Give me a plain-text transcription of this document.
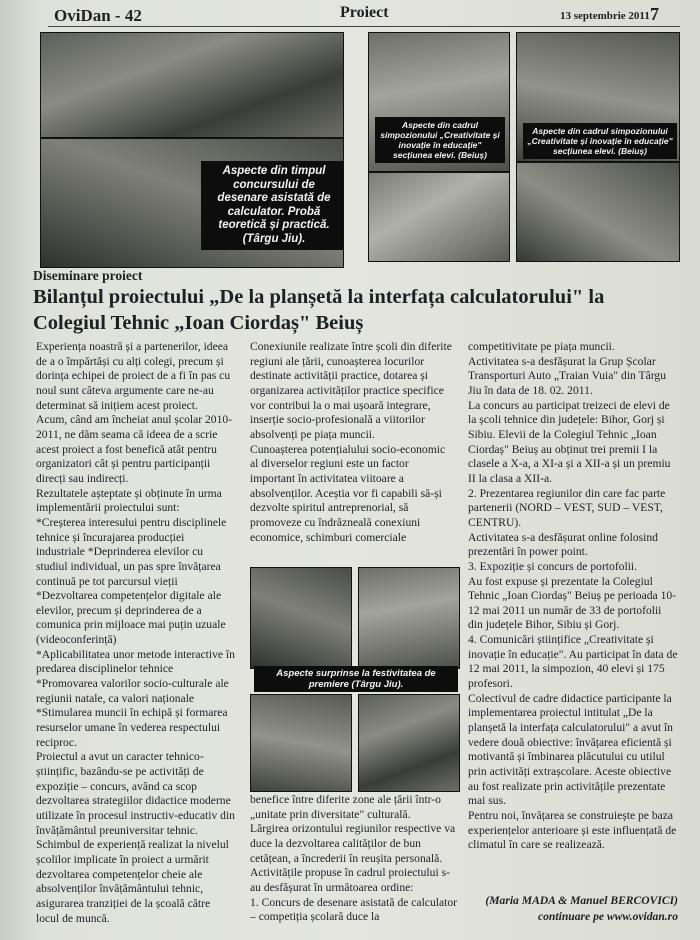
OviDan - 42	Proiect	13 septembrie 2011 7
Aspecte din timpul concursului de desenare asistată de calculator. Probă teoretică și practică. (Târgu Jiu).
Aspecte din cadrul simpozionului „Creativitate și inovație în educație" secțiunea elevi. (Beiuș)
Aspecte din cadrul simpozionului „Creativitate și inovație în educație" secțiunea elevi. (Beiuș)
Diseminare proiect
Bilanțul proiectului „De la planșetă la interfața calculatorului" la Colegiul Tehnic „Ioan Ciordaș" Beiuș

Experiența noastră și a partenerilor, ideea de a o împărtăși cu alți colegi, precum și dorința echipei de proiect de a fi în pas cu noul sunt câteva argumente care ne-au determinat să inițiem acest proiect.

Acum, când am încheiat anul școlar 2010-2011, ne dăm seama că ideea de a scrie acest proiect a fost benefică atât pentru organizatori cât și pentru participanții direcți sau indirecți.

Rezultatele așteptate și obținute în urma implementării proiectului sunt:

*Creșterea interesului pentru disciplinele tehnice și încurajarea producției industriale *Deprinderea elevilor cu studiul individual, un pas spre învățarea continuă pe tot parcursul vieții *Dezvoltarea competențelor digitale ale elevilor, precum și deprinderea de a comunica prin mijloace mai puțin uzuale (videoconferință)

*Aplicabilitatea unor metode interactive în predarea disciplinelor tehnice

*Promovarea valorilor socio-culturale ale regiunii natale, ca valori naționale

*Stimularea muncii în echipă și formarea resurselor umane în vederea respectului reciproc.

Proiectul a avut un caracter tehnico-științific, bazându-se pe activități de expoziție – concurs, având ca scop dezvoltarea strategiilor didactice moderne utilizate în procesul instructiv-educativ din învățământul preuniversitar tehnic. Schimbul de experiență realizat la nivelul școlilor implicate în proiect a urmărit dezvoltarea competențelor cheie ale absolvenților învățământului tehnic, asigurarea tranziției de la școală către locul de muncă.

Conexiunile realizate între școli din diferite regiuni ale țării, cunoașterea locurilor destinate activității practice, dotarea și organizarea activităților practice specifice vor contribui la o mai ușoară integrare, inserție socio-profesională a viitorilor absolvenți pe piața muncii.

Cunoașterea potențialului socio-economic al diverselor regiuni este un factor important în activitatea viitoare a absolvenților. Aceștia vor fi capabili să-și dezvolte spiritul antreprenorial, să promoveze cu îndrăzneală conexiuni economice, schimburi comerciale

Aspecte surprinse la festivitatea de premiere (Târgu Jiu).

benefice între diferite zone ale țării într-o „unitate prin diversitate" culturală.

Lărgirea orizontului regiunilor respective va duce la dezvoltarea calităților de bun cetățean, a încrederii în reușita personală.

Activitățile propuse în cadrul proiectului s-au desfășurat în următoarea ordine:

1. Concurs de desenare asistată de calculator – competiția școlară duce la

competitivitate pe piața muncii.

Activitatea s-a desfășurat la Grup Școlar Transporturi Auto „Traian Vuia" din Târgu Jiu în data de 18. 02. 2011.

La concurs au participat treizeci de elevi de la școli tehnice din județele: Bihor, Gorj și Sibiu. Elevii de la Colegiul Tehnic „Ioan Ciordaș" Beiuș au obținut trei premii I la clasele a X-a, a XI-a și a XII-a și un premiu II la clasa a XII-a.

2. Prezentarea regiunilor din care fac parte partenerii (NORD – VEST, SUD – VEST, CENTRU).

Activitatea s-a desfășurat online folosind prezentări în power point.

3. Expoziție și concurs de portofolii.

Au fost expuse și prezentate la Colegiul Tehnic „Ioan Ciordaș" Beiuș pe perioada 10-12 mai 2011 un număr de 33 de portofolii din județele Bihor, Sibiu și Gorj.

4. Comunicări științifice „Creativitate și inovație în educație". Au participat în data de 12 mai 2011, la simpozion, 40 elevi și 175 profesori.

Colectivul de cadre didactice participante la implementarea proiectul intitulat „De la planșetă la interfața calculatorului" a avut în vedere două obiective: învățarea eficientă și motivantă și îmbinarea plăcutului cu utilul prin activități extrașcolare. Aceste obiective au fost realizate prin activitățile prezentate mai sus.

Pentru noi, învățarea se construiește pe baza experiențelor anterioare și este influențată de climatul în care se realizează.

(Maria MADA & Manuel BERCOVICI)
continuare pe www.ovidan.ro
